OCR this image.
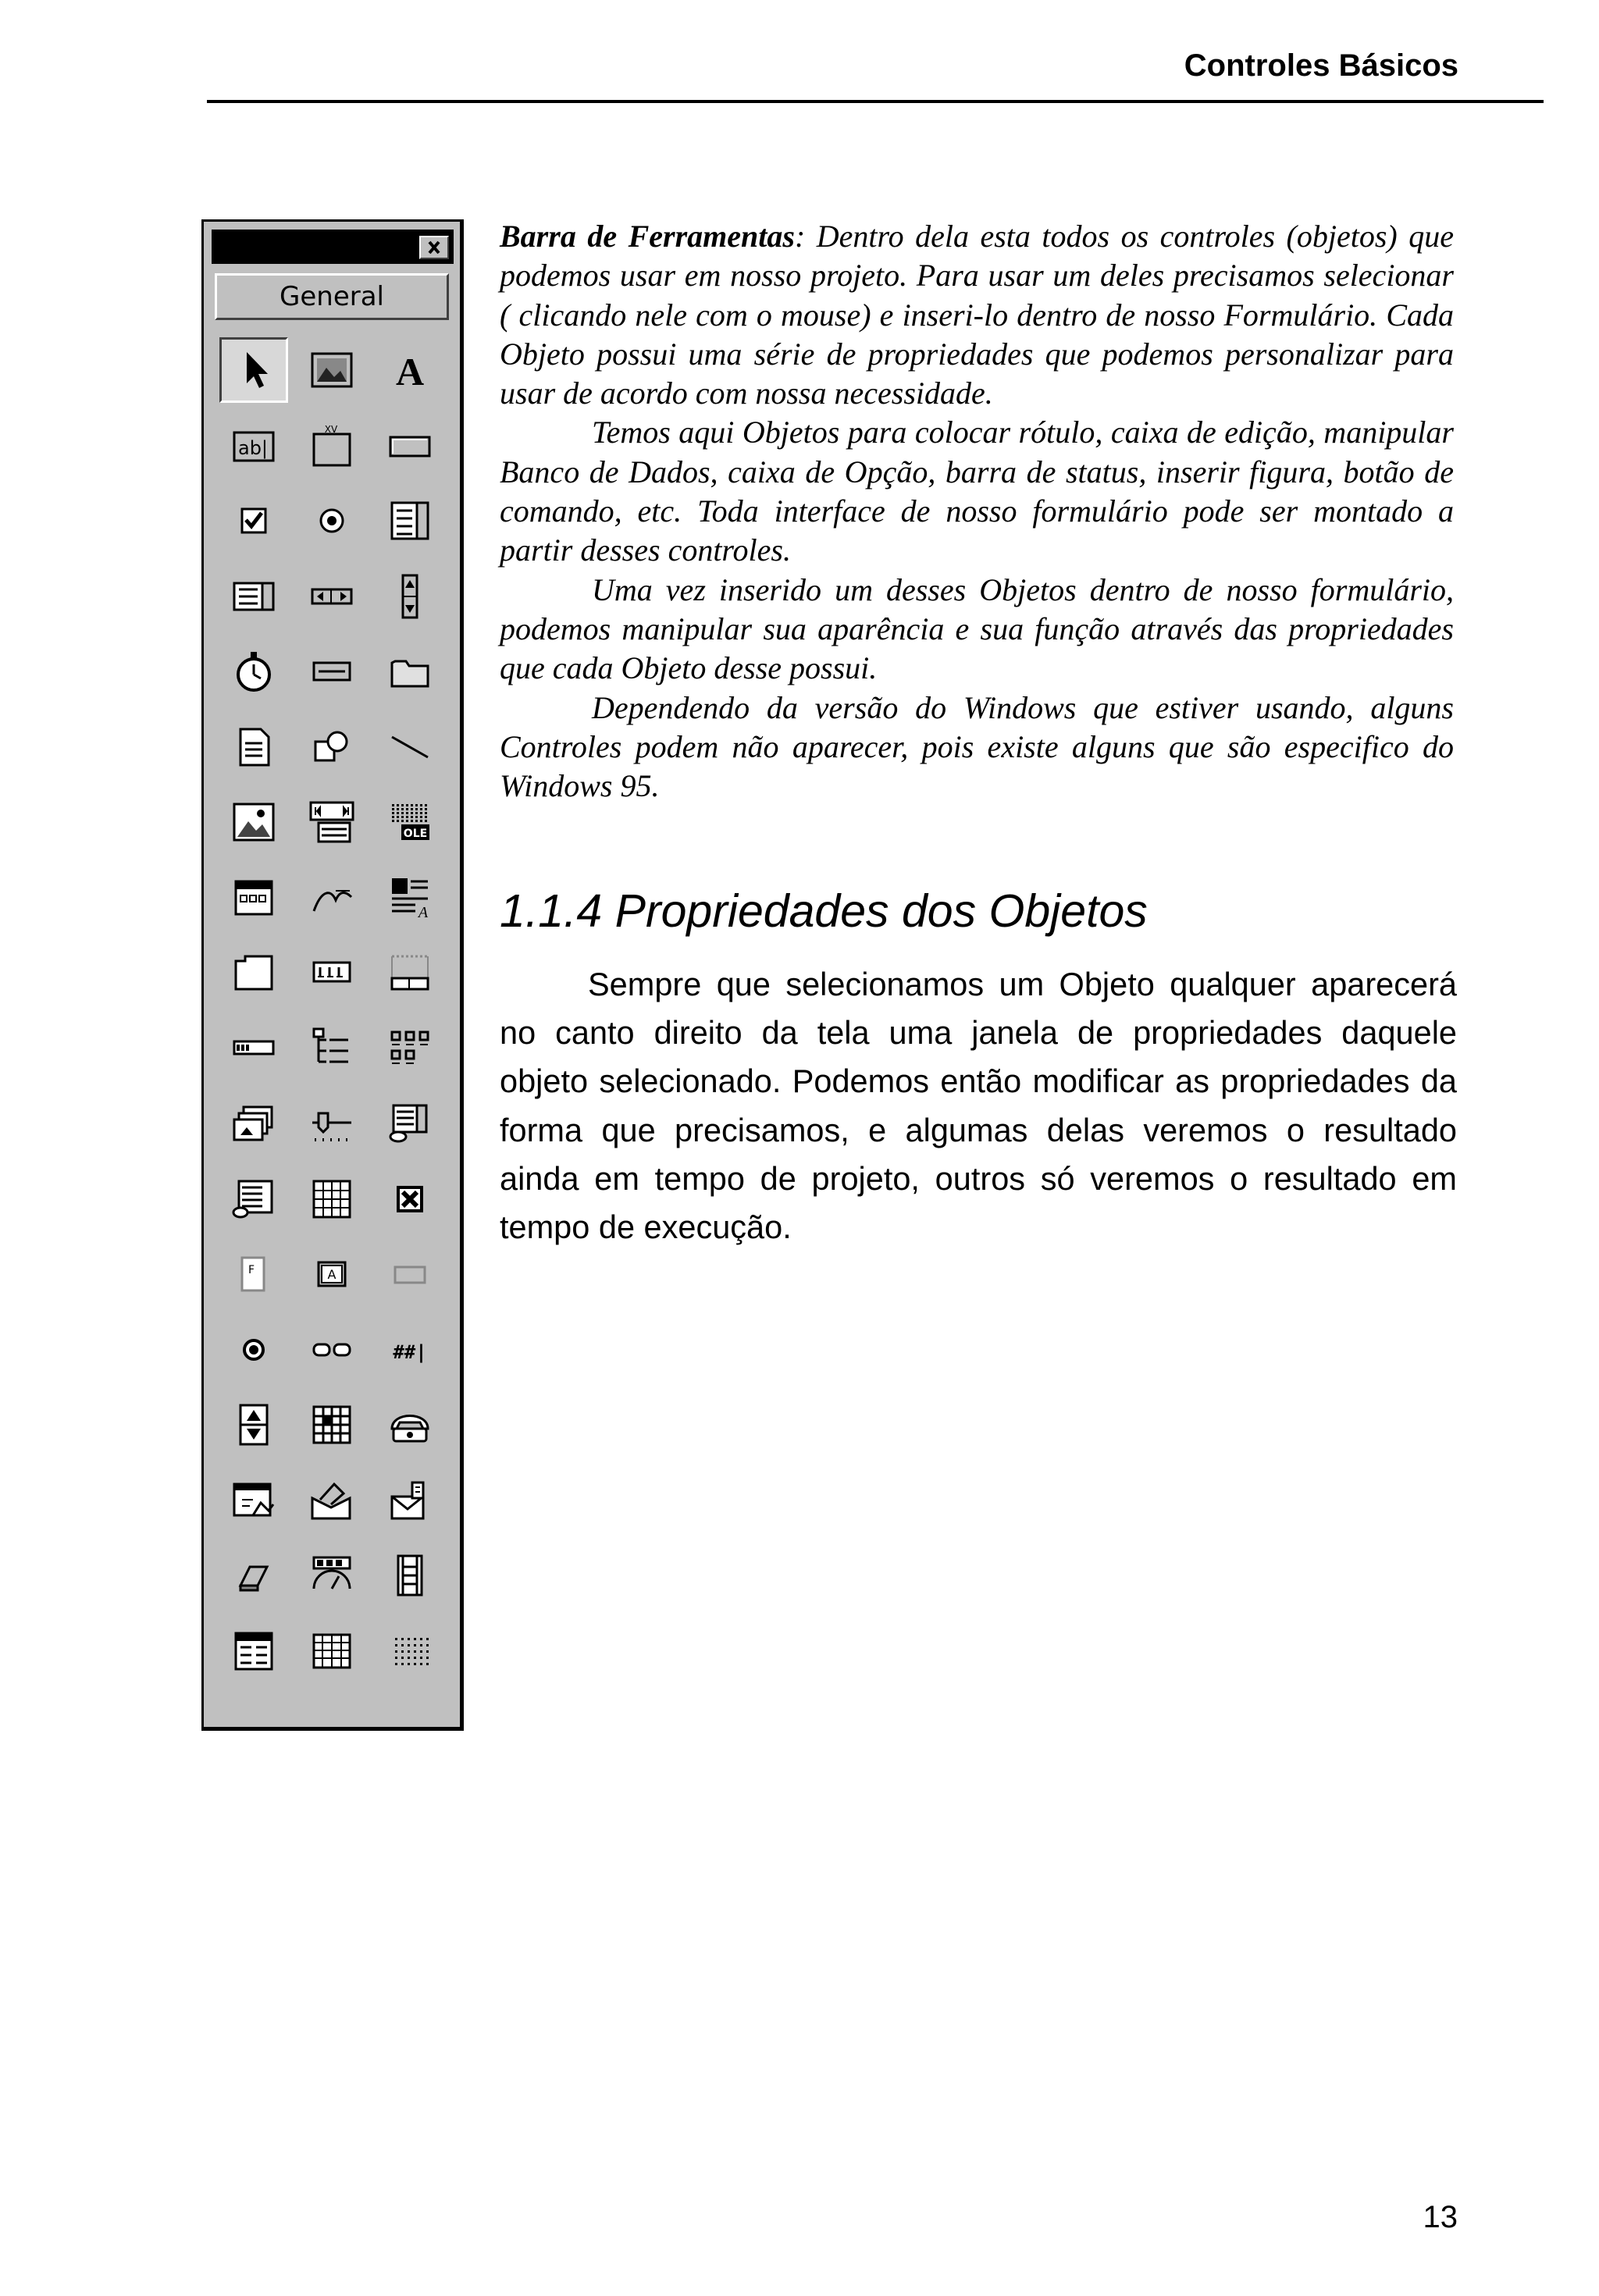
Controles Básicos
General
A
ab|
XV
OLE
A
F	A
##|

Barra de Ferramentas: Dentro dela esta todos os controles (objetos) que podemos usar em nosso projeto. Para usar um deles precisamos selecionar ( clicando nele com o mouse) e inseri-lo dentro de nosso Formulário. Cada Objeto possui uma série de propriedades que podemos personalizar para usar de acordo com nossa necessidade.

Temos aqui Objetos para colocar rótulo, caixa de edição, manipular Banco de Dados, caixa de Opção, barra de status, inserir figura, botão de comando, etc. Toda interface de nosso formulário pode ser montado a partir desses controles.

Uma vez inserido um desses Objetos dentro de nosso formulário, podemos manipular sua aparência e sua função através das propriedades que cada Objeto desse possui.

Dependendo da versão do Windows que estiver usando, alguns Controles podem não aparecer, pois existe alguns que são especifico do Windows 95.

1.1.4 Propriedades dos Objetos
Sempre que selecionamos um Objeto qualquer aparecerá no canto direito da tela uma janela de propriedades daquele objeto selecionado. Podemos então modificar as propriedades da forma que precisamos, e algumas delas veremos o resultado ainda em tempo de projeto, outros só veremos o resultado em tempo de execução.
13
